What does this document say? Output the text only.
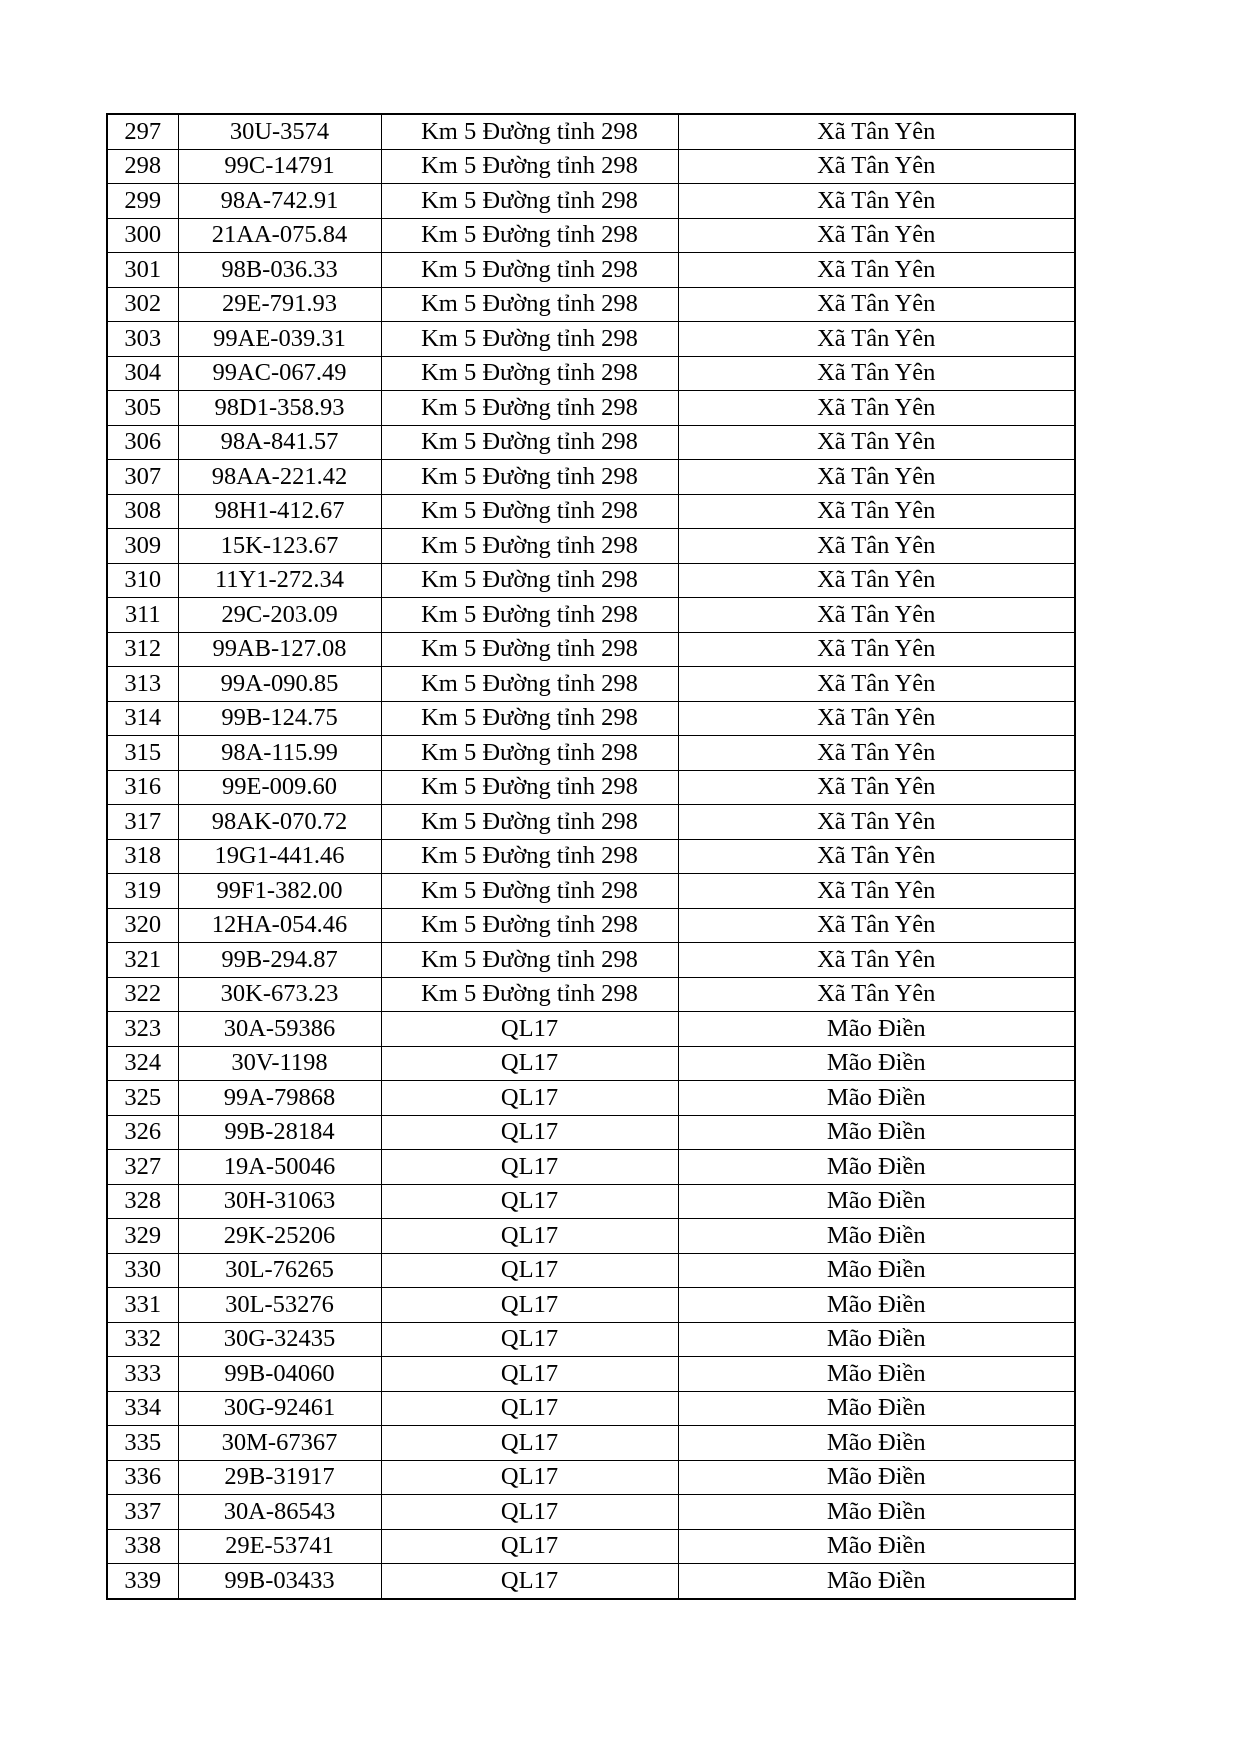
297	30U-3574	Km 5 Đường tỉnh 298	Xã Tân Yên
298	99C-14791	Km 5 Đường tỉnh 298	Xã Tân Yên
299	98A-742.91	Km 5 Đường tỉnh 298	Xã Tân Yên
300	21AA-075.84	Km 5 Đường tỉnh 298	Xã Tân Yên
301	98B-036.33	Km 5 Đường tỉnh 298	Xã Tân Yên
302	29E-791.93	Km 5 Đường tỉnh 298	Xã Tân Yên
303	99AE-039.31	Km 5 Đường tỉnh 298	Xã Tân Yên
304	99AC-067.49	Km 5 Đường tỉnh 298	Xã Tân Yên
305	98D1-358.93	Km 5 Đường tỉnh 298	Xã Tân Yên
306	98A-841.57	Km 5 Đường tỉnh 298	Xã Tân Yên
307	98AA-221.42	Km 5 Đường tỉnh 298	Xã Tân Yên
308	98H1-412.67	Km 5 Đường tỉnh 298	Xã Tân Yên
309	15K-123.67	Km 5 Đường tỉnh 298	Xã Tân Yên
310	11Y1-272.34	Km 5 Đường tỉnh 298	Xã Tân Yên
311	29C-203.09	Km 5 Đường tỉnh 298	Xã Tân Yên
312	99AB-127.08	Km 5 Đường tỉnh 298	Xã Tân Yên
313	99A-090.85	Km 5 Đường tỉnh 298	Xã Tân Yên
314	99B-124.75	Km 5 Đường tỉnh 298	Xã Tân Yên
315	98A-115.99	Km 5 Đường tỉnh 298	Xã Tân Yên
316	99E-009.60	Km 5 Đường tỉnh 298	Xã Tân Yên
317	98AK-070.72	Km 5 Đường tỉnh 298	Xã Tân Yên
318	19G1-441.46	Km 5 Đường tỉnh 298	Xã Tân Yên
319	99F1-382.00	Km 5 Đường tỉnh 298	Xã Tân Yên
320	12HA-054.46	Km 5 Đường tỉnh 298	Xã Tân Yên
321	99B-294.87	Km 5 Đường tỉnh 298	Xã Tân Yên
322	30K-673.23	Km 5 Đường tỉnh 298	Xã Tân Yên
323	30A-59386	QL17	Mão Điền
324	30V-1198	QL17	Mão Điền
325	99A-79868	QL17	Mão Điền
326	99B-28184	QL17	Mão Điền
327	19A-50046	QL17	Mão Điền
328	30H-31063	QL17	Mão Điền
329	29K-25206	QL17	Mão Điền
330	30L-76265	QL17	Mão Điền
331	30L-53276	QL17	Mão Điền
332	30G-32435	QL17	Mão Điền
333	99B-04060	QL17	Mão Điền
334	30G-92461	QL17	Mão Điền
335	30M-67367	QL17	Mão Điền
336	29B-31917	QL17	Mão Điền
337	30A-86543	QL17	Mão Điền
338	29E-53741	QL17	Mão Điền
339	99B-03433	QL17	Mão Điền
